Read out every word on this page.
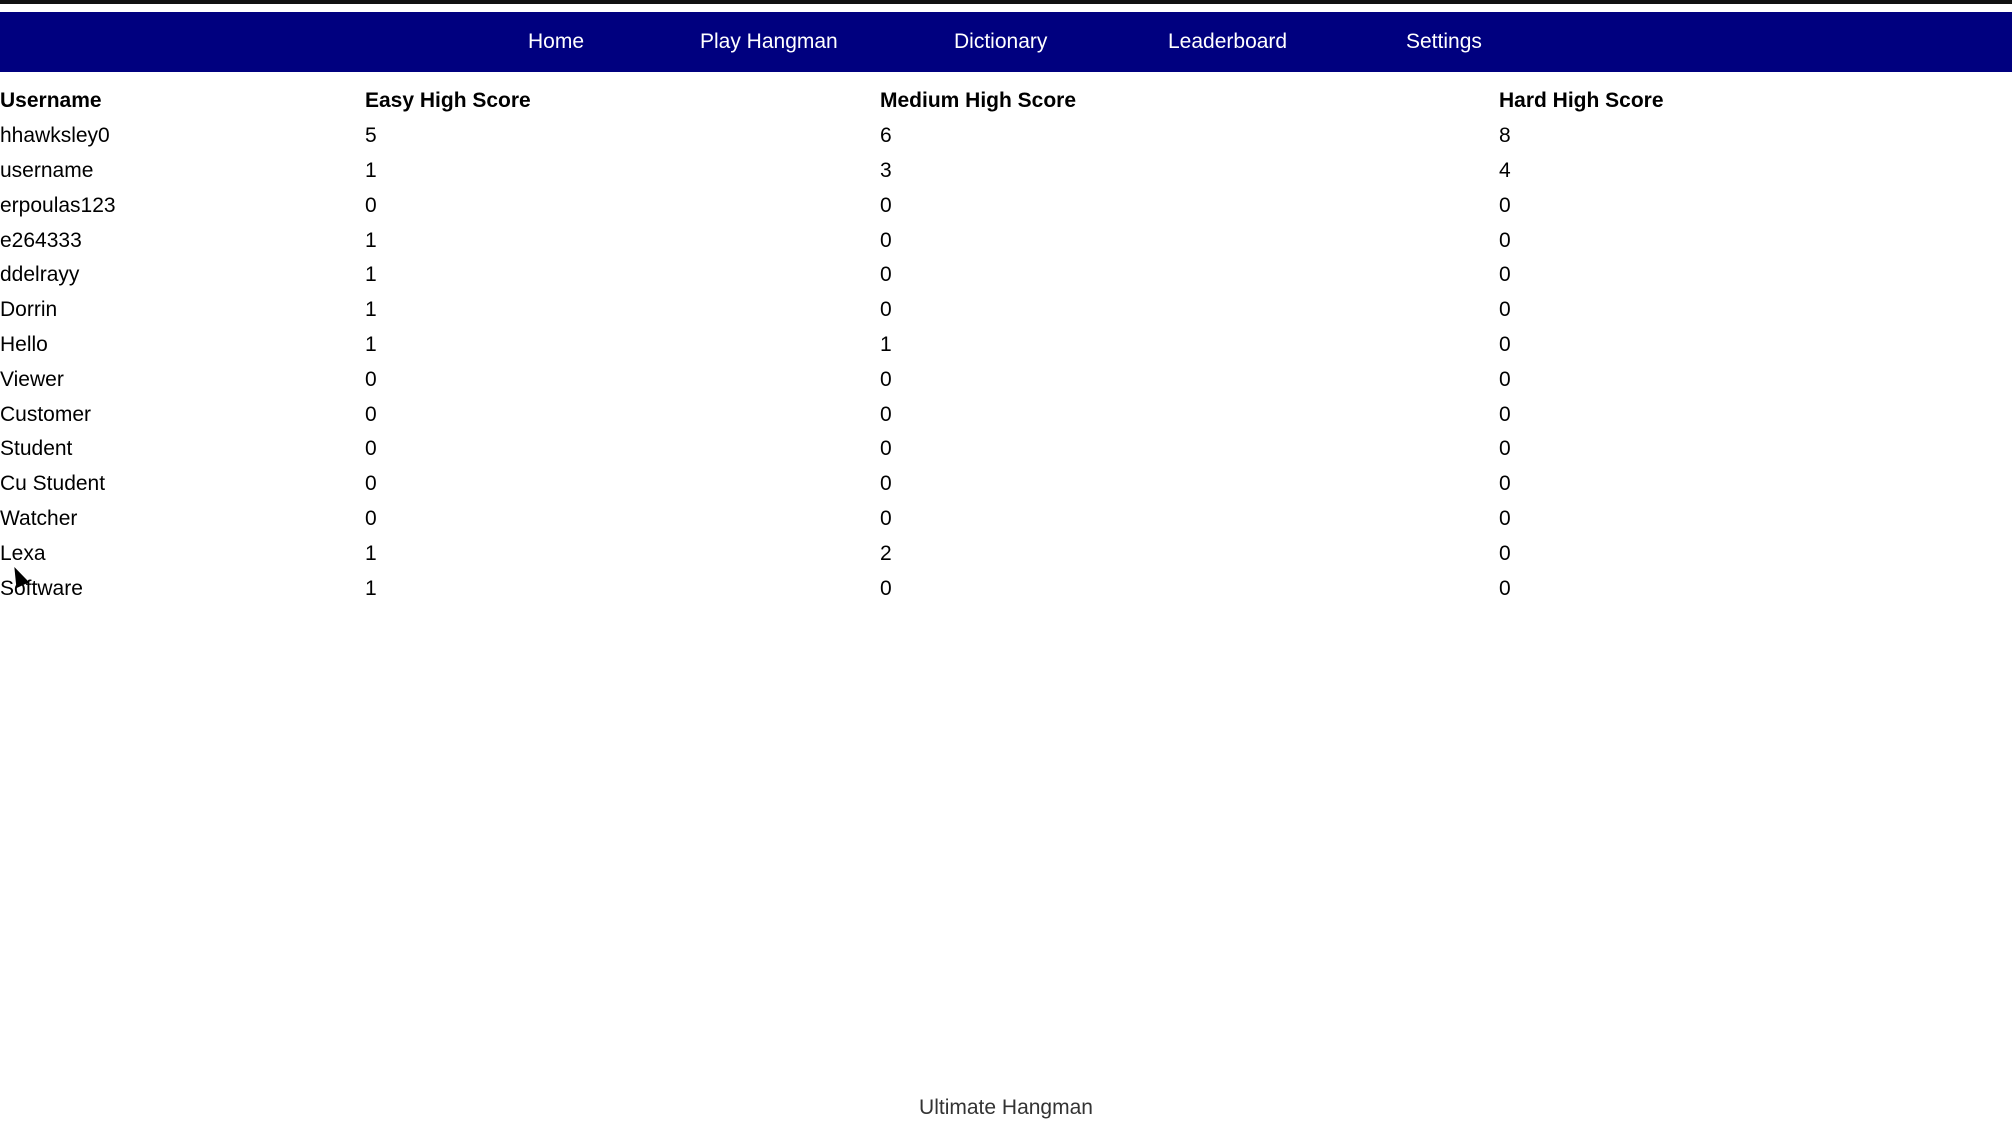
Home	Play Hangman	Dictionary	Leaderboard	Settings
Username	Easy High Score	Medium High Score	Hard High Score
hhawksley0	5	6	8
username	1	3	4
erpoulas123	0	0	0
e264333	1	0	0
ddelrayy	1	0	0
Dorrin	1	0	0
Hello	1	1	0
Viewer	0	0	0
Customer	0	0	0
Student	0	0	0
Cu Student	0	0	0
Watcher	0	0	0
Lexa	1	2	0
Software	1	0	0
Ultimate Hangman
